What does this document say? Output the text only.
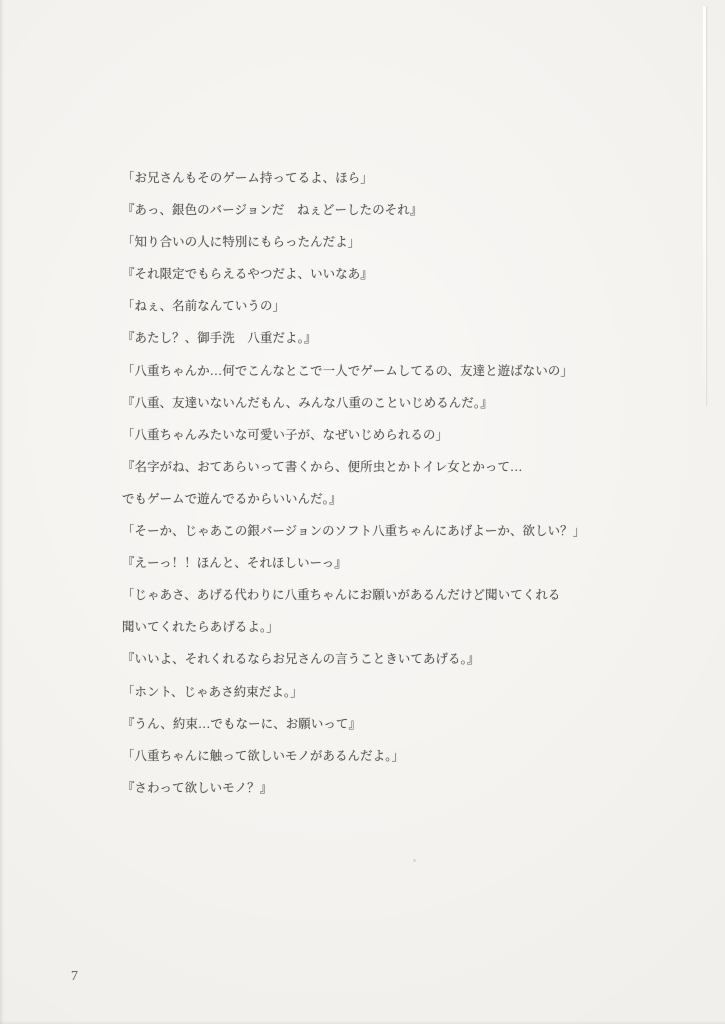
「お兄さんもそのゲーム持ってるよ、ほら」
『あっ、銀色のバージョンだ　ねぇどーしたのそれ』
「知り合いの人に特別にもらったんだよ」
『それ限定でもらえるやつだよ、いいなあ』
「ねぇ、名前なんていうの」
『あたし？、御手洗　八重だよ。』
「八重ちゃんか…何でこんなとこで一人でゲームしてるの、友達と遊ばないの」
『八重、友達いないんだもん、みんな八重のこといじめるんだ。』
「八重ちゃんみたいな可愛い子が、なぜいじめられるの」
『名字がね、おてあらいって書くから、便所虫とかトイレ女とかって…
でもゲームで遊んでるからいいんだ。』
「そーか、じゃあこの銀バージョンのソフト八重ちゃんにあげよーか、欲しい？」
『えーっ！！ほんと、それほしいーっ』
「じゃあさ、あげる代わりに八重ちゃんにお願いがあるんだけど聞いてくれる
聞いてくれたらあげるよ。」
『いいよ、それくれるならお兄さんの言うこときいてあげる。』
「ホント、じゃあさ約束だよ。」
『うん、約束…でもなーに、お願いって』
「八重ちゃんに触って欲しいモノがあるんだよ。」
『さわって欲しいモノ？』
7
